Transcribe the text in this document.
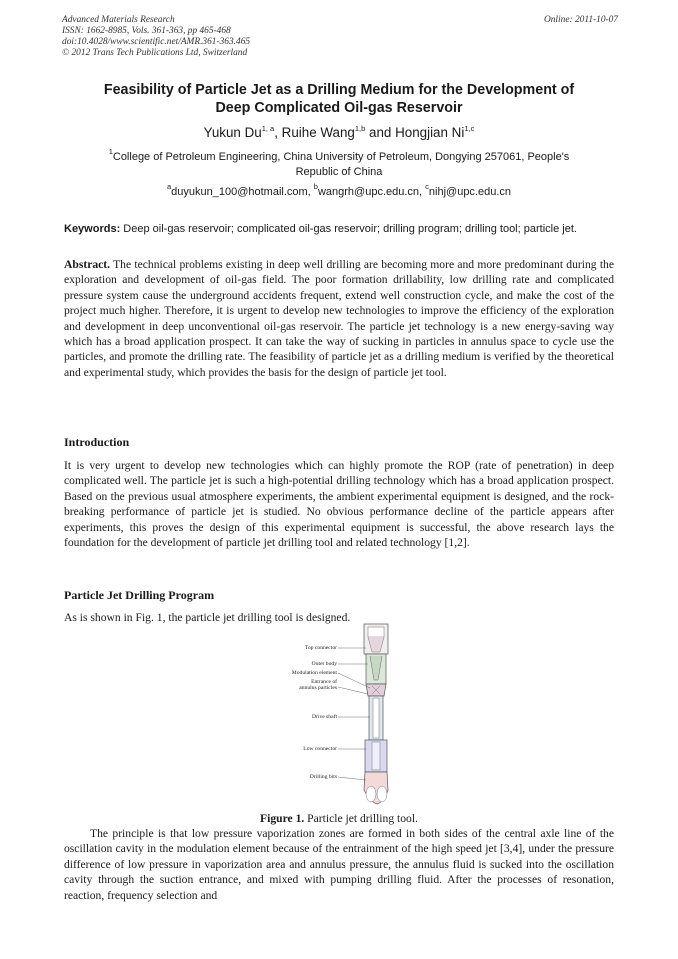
Advanced Materials Research
ISSN: 1662-8985, Vols. 361-363, pp 465-468
doi:10.4028/www.scientific.net/AMR.361-363.465
© 2012 Trans Tech Publications Ltd, Switzerland
Online: 2011-10-07
Feasibility of Particle Jet as a Drilling Medium for the Development of
Deep Complicated Oil-gas Reservoir
Yukun Du$^{1, a}$, Ruihe Wang$^{1,b}$ and Hongjian Ni$^{1,c}$
$^1$College of Petroleum Engineering, China University of Petroleum, Dongying 257061, People's
Republic of China
$^a$duyukun_100@hotmail.com, $^b$wangrh@upc.edu.cn, $^c$nihj@upc.edu.cn
Keywords: Deep oil-gas reservoir; complicated oil-gas reservoir; drilling program; drilling tool; particle jet.
Abstract. The technical problems existing in deep well drilling are becoming more and more predominant during the exploration and development of oil-gas field. The poor formation drillability, low drilling rate and complicated pressure system cause the underground accidents frequent, extend well construction cycle, and make the cost of the project much higher. Therefore, it is urgent to develop new technologies to improve the efficiency of the exploration and development in deep unconventional oil-gas reservoir. The particle jet technology is a new energy-saving way which has a broad application prospect. It can take the way of sucking in particles in annulus space to cycle use the particles, and promote the drilling rate. The feasibility of particle jet as a drilling medium is verified by the theoretical and experimental study, which provides the basis for the design of particle jet tool.
Introduction
It is very urgent to develop new technologies which can highly promote the ROP (rate of penetration) in deep complicated well. The particle jet is such a high-potential drilling technology which has a broad application prospect. Based on the previous usual atmosphere experiments, the ambient experimental equipment is designed, and the rock-breaking performance of particle jet is studied. No obvious performance decline of the particle appears after experiments, this proves the design of this experimental equipment is successful, the above research lays the foundation for the development of particle jet drilling tool and related technology [1,2].
Particle Jet Drilling Program
As is shown in Fig. 1, the particle jet drilling tool is designed.
Top connector
Outer body
Modulation element
Entrance of
annulus particles
Drive shaft
Low connector
Drilling bits
Figure 1. Particle jet drilling tool.
The principle is that low pressure vaporization zones are formed in both sides of the central axle line of the oscillation cavity in the modulation element because of the entrainment of the high speed jet [3,4], under the pressure difference of low pressure in vaporization area and annulus pressure, the annulus fluid is sucked into the oscillation cavity through the suction entrance, and mixed with pumping drilling fluid. After the processes of resonation, reaction, frequency selection and
